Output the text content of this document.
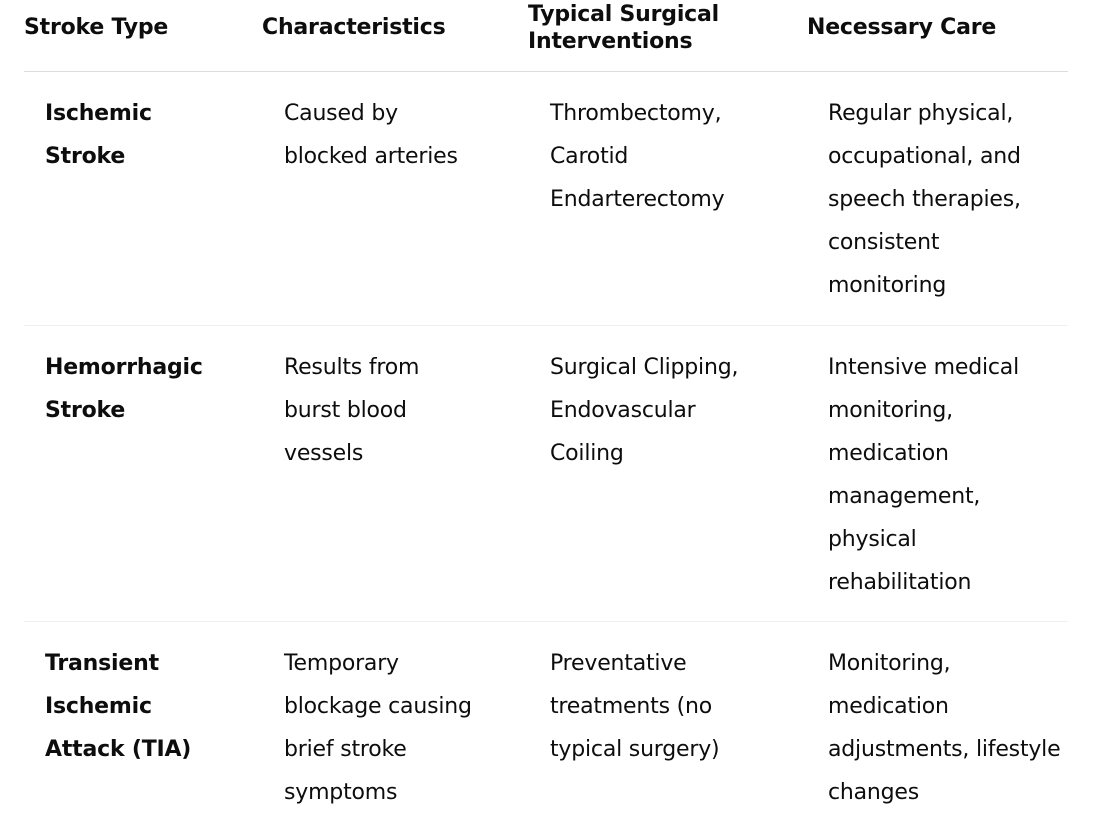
Stroke Type	Characteristics
Typical Surgical
Interventions
Necessary Care
Ischemic
Stroke
Caused by
blocked arteries
Thrombectomy,
Carotid
Endarterectomy
Regular physical,
occupational, and
speech therapies,
consistent
monitoring
Hemorrhagic
Stroke
Results from
burst blood
vessels
Surgical Clipping,
Endovascular
Coiling
Intensive medical
monitoring,
medication
management,
physical
rehabilitation
Transient
Ischemic
Attack (TIA)
Temporary
blockage causing
brief stroke
symptoms
Preventative
treatments (no
typical surgery)
Monitoring,
medication
adjustments, lifestyle
changes
